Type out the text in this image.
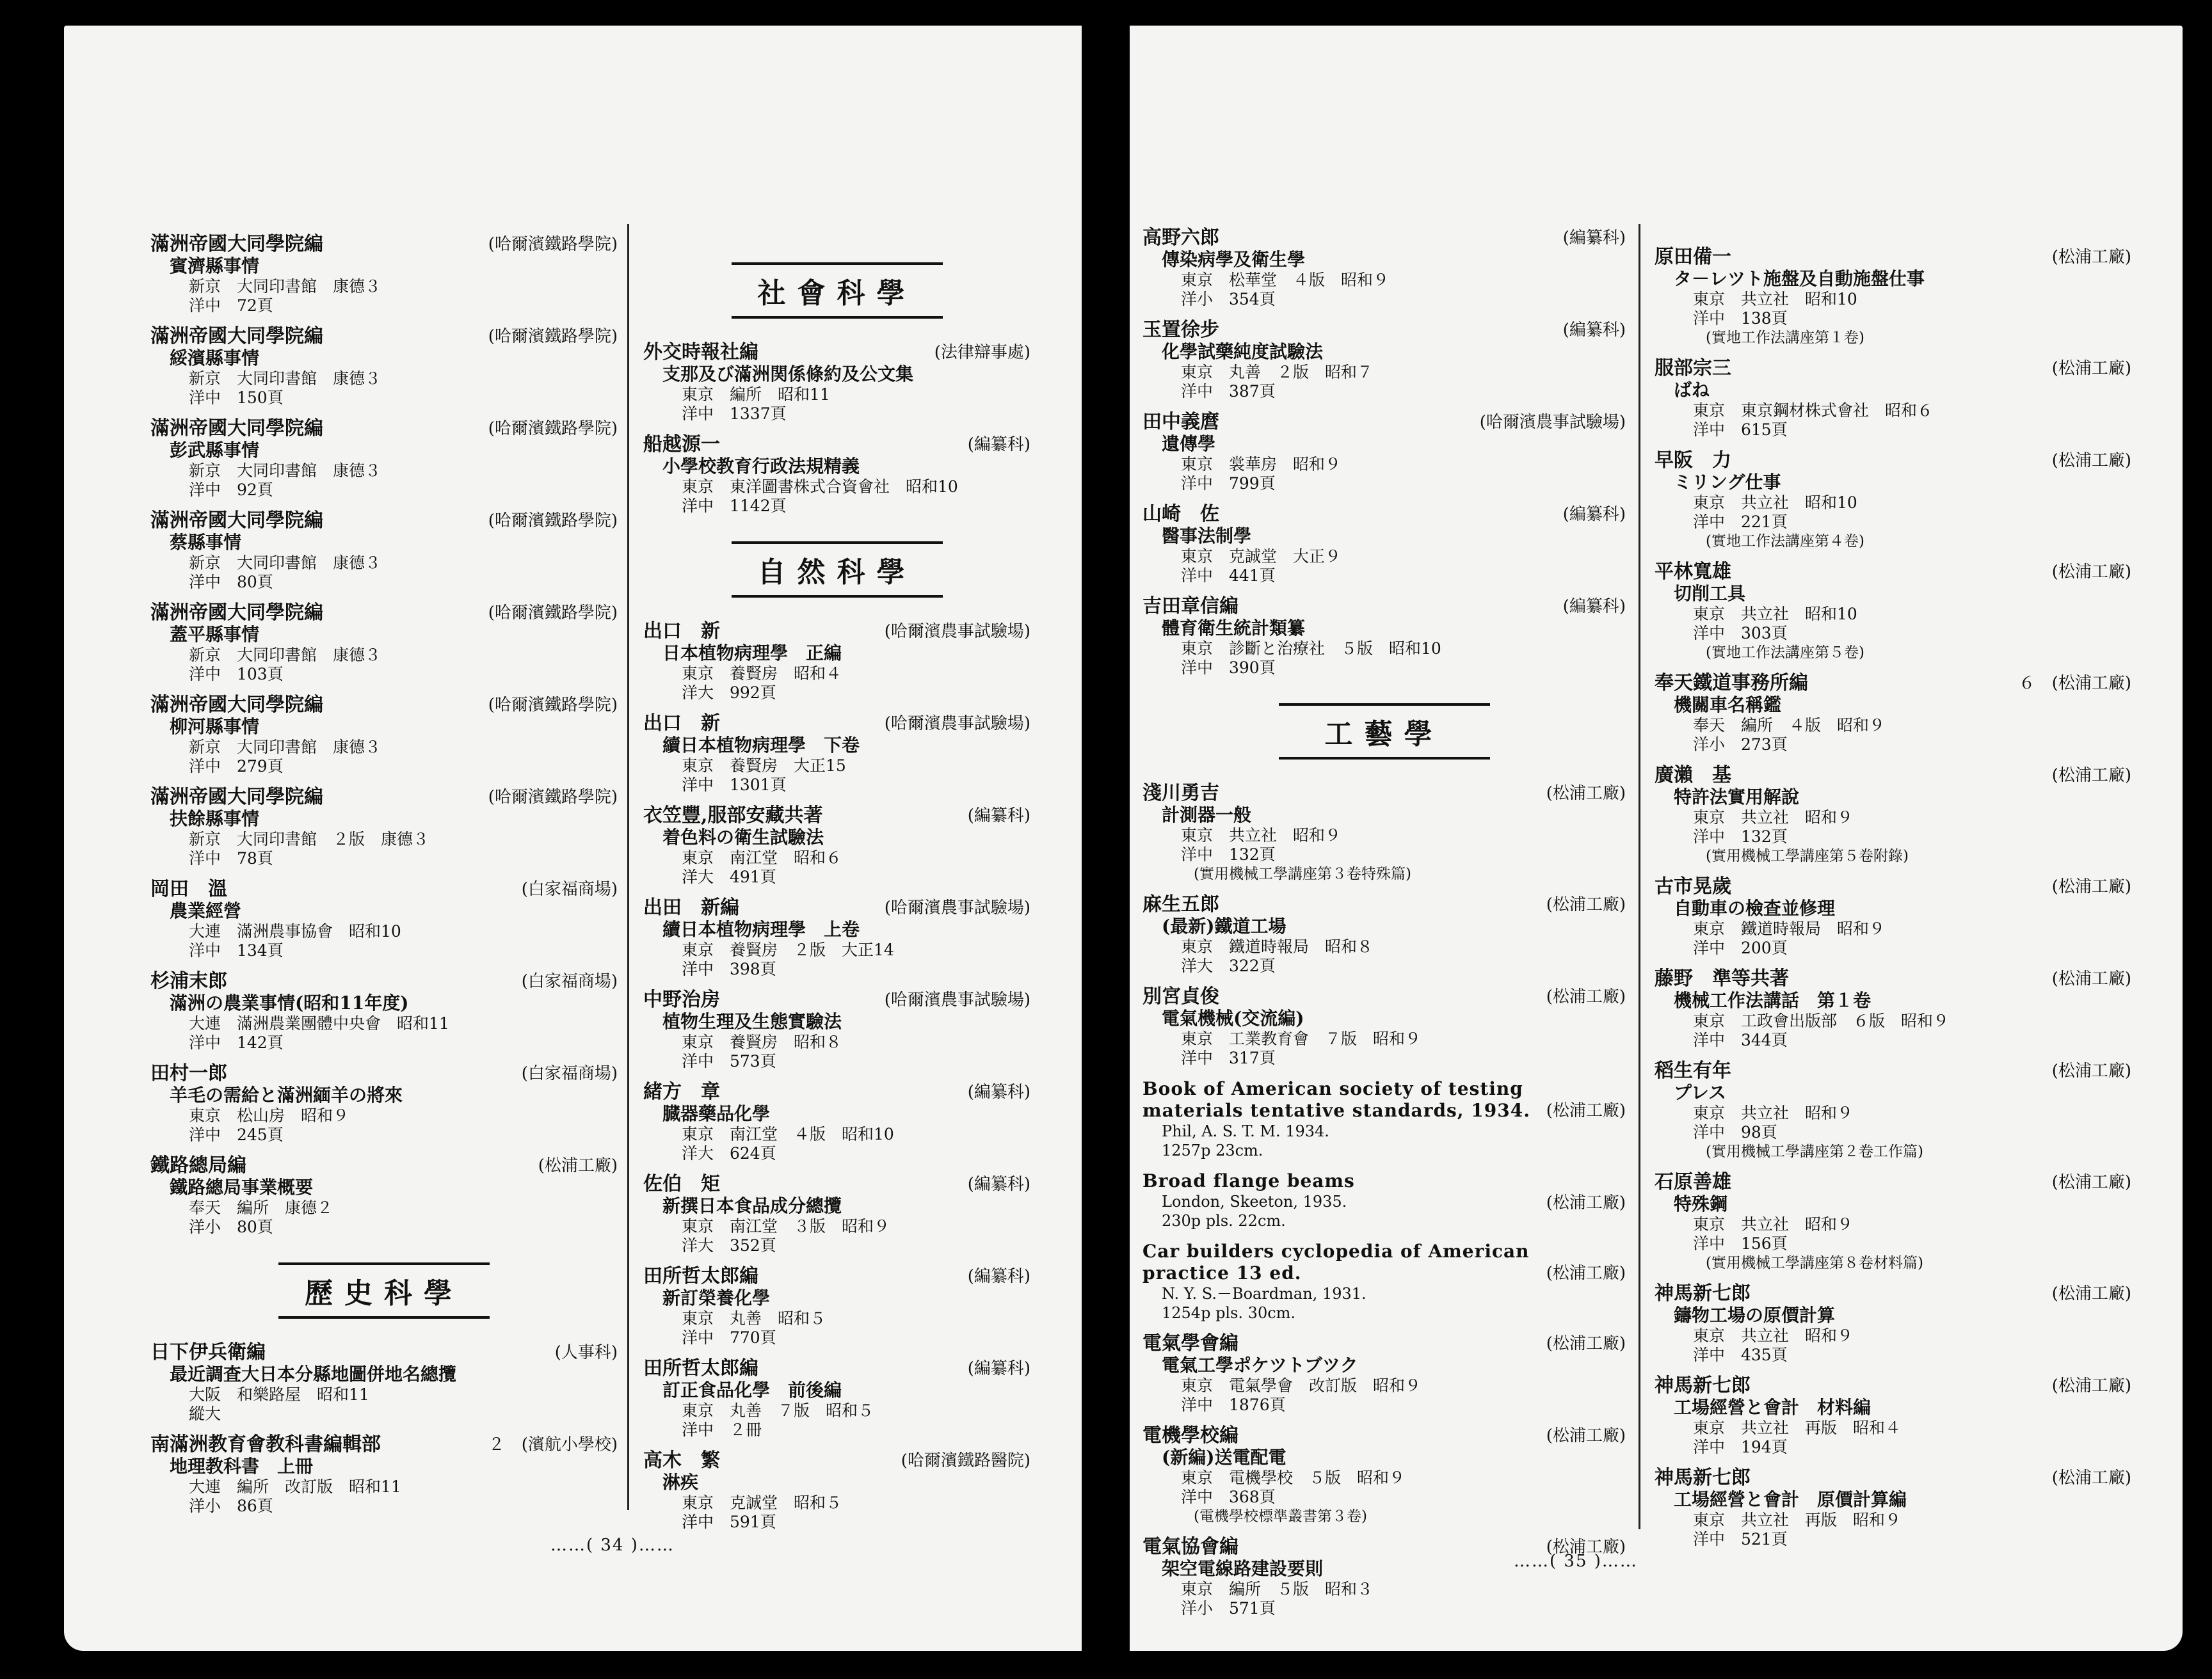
滿洲帝國大同學院編	(哈爾濱鐵路學院)
賓濟縣事情
新京　大同印書館　康德３
洋中　72頁
滿洲帝國大同學院編	(哈爾濱鐵路學院)
綏濱縣事情
新京　大同印書館　康德３
洋中　150頁
滿洲帝國大同學院編	(哈爾濱鐵路學院)
彭武縣事情
新京　大同印書館　康德３
洋中　92頁
滿洲帝國大同學院編	(哈爾濱鐵路學院)
蔡縣事情
新京　大同印書館　康德３
洋中　80頁
滿洲帝國大同學院編	(哈爾濱鐵路學院)
蓋平縣事情
新京　大同印書館　康德３
洋中　103頁
滿洲帝國大同學院編	(哈爾濱鐵路學院)
柳河縣事情
新京　大同印書館　康德３
洋中　279頁
滿洲帝國大同學院編	(哈爾濱鐵路學院)
扶餘縣事情
新京　大同印書館　２版　康德３
洋中　78頁
岡田　溫	(白家福商場)
農業經營
大連　滿洲農事協會　昭和10
洋中　134頁
杉浦末郎	(白家福商場)
滿洲の農業事情(昭和11年度)
大連　滿洲農業團體中央會　昭和11
洋中　142頁
田村一郎	(白家福商場)
羊毛の需給と滿洲緬羊の將來
東京　松山房　昭和９
洋中　245頁
鐵路總局編	(松浦工廠)
鐵路總局事業概要
奉天　編所　康德２
洋小　80頁
歷史科學
日下伊兵衛編	(人事科)
最近調査大日本分縣地圖併地名總攬
大阪　和樂路屋　昭和11
縱大
南滿洲教育會教科書編輯部	２　(濱航小學校)
地理教科書　上冊
大連　編所　改訂版　昭和11
洋小　86頁
社會科學
外交時報社編	(法律辯事處)
支那及び滿洲関係條約及公文集
東京　編所　昭和11
洋中　1337頁
船越源一	(編纂科)
小學校教育行政法規精義
東京　東洋圖書株式合資會社　昭和10
洋中　1142頁
自然科學
出口　新	(哈爾濱農事試驗場)
日本植物病理學　正編
東京　養賢房　昭和４
洋大　992頁
出口　新	(哈爾濱農事試驗場)
續日本植物病理學　下卷
東京　養賢房　大正15
洋中　1301頁
衣笠豐,服部安藏共著	(編纂科)
着色料の衛生試驗法
東京　南江堂　昭和６
洋大　491頁
出田　新編	(哈爾濱農事試驗場)
續日本植物病理學　上卷
東京　養賢房　２版　大正14
洋中　398頁
中野治房	(哈爾濱農事試驗場)
植物生理及生態實驗法
東京　養賢房　昭和８
洋中　573頁
緒方　章	(編纂科)
臓器藥品化學
東京　南江堂　４版　昭和10
洋大　624頁
佐伯　矩	(編纂科)
新撰日本食品成分總攬
東京　南江堂　３版　昭和９
洋大　352頁
田所哲太郎編	(編纂科)
新訂榮養化學
東京　丸善　昭和５
洋中　770頁
田所哲太郎編	(編纂科)
訂正食品化學　前後編
東京　丸善　７版　昭和５
洋中　２冊
高木　繁	(哈爾濱鐵路醫院)
淋疾
東京　克誠堂　昭和５
洋中　591頁
……( 34 )……
高野六郎	(編纂科)
傳染病學及衛生學
東京　松華堂　４版　昭和９
洋小　354頁
玉置徐步	(編纂科)
化學試藥純度試驗法
東京　丸善　２版　昭和７
洋中　387頁
田中義麿	(哈爾濱農事試驗場)
遺傳學
東京　裳華房　昭和９
洋中　799頁
山崎　佐	(編纂科)
醫事法制學
東京　克誠堂　大正９
洋中　441頁
吉田章信編	(編纂科)
體育衛生統計類纂
東京　診斷と治療社　５版　昭和10
洋中　390頁
工藝學
淺川勇吉	(松浦工廠)
計測器一般
東京　共立社　昭和９
洋中　132頁
(實用機械工學講座第３卷特殊篇)
麻生五郎	(松浦工廠)
(最新)鐵道工場
東京　鐵道時報局　昭和８
洋大　322頁
別宮貞俊	(松浦工廠)
電氣機械(交流編)
東京　工業教育會　７版　昭和９
洋中　317頁
Book of American society of testing materials tentative standards, 1934. (松浦工廠)
Phil, A. S. T. M. 1934.
1257p 23cm.
Broad flange beams
(松浦工廠)
London, Skeeton, 1935.
230p pls. 22cm.
Car builders cyclopedia of American practice 13 ed.	(松浦工廠)
N. Y. S.－Boardman, 1931.
1254p pls. 30cm.
電氣學會編	(松浦工廠)
電氣工學ポケツトブツク
東京　電氣學會　改訂版　昭和９
洋中　1876頁
電機學校編	(松浦工廠)
(新編)送電配電
東京　電機學校　５版　昭和９
洋中　368頁
(電機學校標準叢書第３卷)
電氣協會編	(松浦工廠)
架空電線路建設要則
東京　編所　５版　昭和３
洋小　571頁
原田備一	(松浦工廠)
タ－レツト施盤及自動施盤仕事
東京　共立社　昭和10
洋中　138頁
(實地工作法講座第１卷)
服部宗三	(松浦工廠)
ばね
東京　東京鋼材株式會社　昭和６
洋中　615頁
早阪　力	(松浦工廠)
ミリング仕事
東京　共立社　昭和10
洋中　221頁
(實地工作法講座第４卷)
平林寬雄	(松浦工廠)
切削工具
東京　共立社　昭和10
洋中　303頁
(實地工作法講座第５卷)
奉天鐵道事務所編	６　(松浦工廠)
機關車名稱鑑
奉天　編所　４版　昭和９
洋小　273頁
廣瀨　基	(松浦工廠)
特許法實用解說
東京　共立社　昭和９
洋中　132頁
(實用機械工學講座第５卷附錄)
古市晃歲	(松浦工廠)
自動車の檢查並修理
東京　鐵道時報局　昭和９
洋中　200頁
藤野　準等共著	(松浦工廠)
機械工作法講話　第１卷
東京　工政會出版部　６版　昭和９
洋中　344頁
稻生有年	(松浦工廠)
プレス
東京　共立社　昭和９
洋中　98頁
(實用機械工學講座第２卷工作篇)
石原善雄	(松浦工廠)
特殊鋼
東京　共立社　昭和９
洋中　156頁
(實用機械工學講座第８卷材料篇)
神馬新七郎	(松浦工廠)
鑄物工場の原價計算
東京　共立社　昭和９
洋中　435頁
神馬新七郎	(松浦工廠)
工場經營と會計　材料編
東京　共立社　再版　昭和４
洋中　194頁
神馬新七郎	(松浦工廠)
工場經營と會計　原價計算編
東京　共立社　再版　昭和９
洋中　521頁
……( 35 )……
